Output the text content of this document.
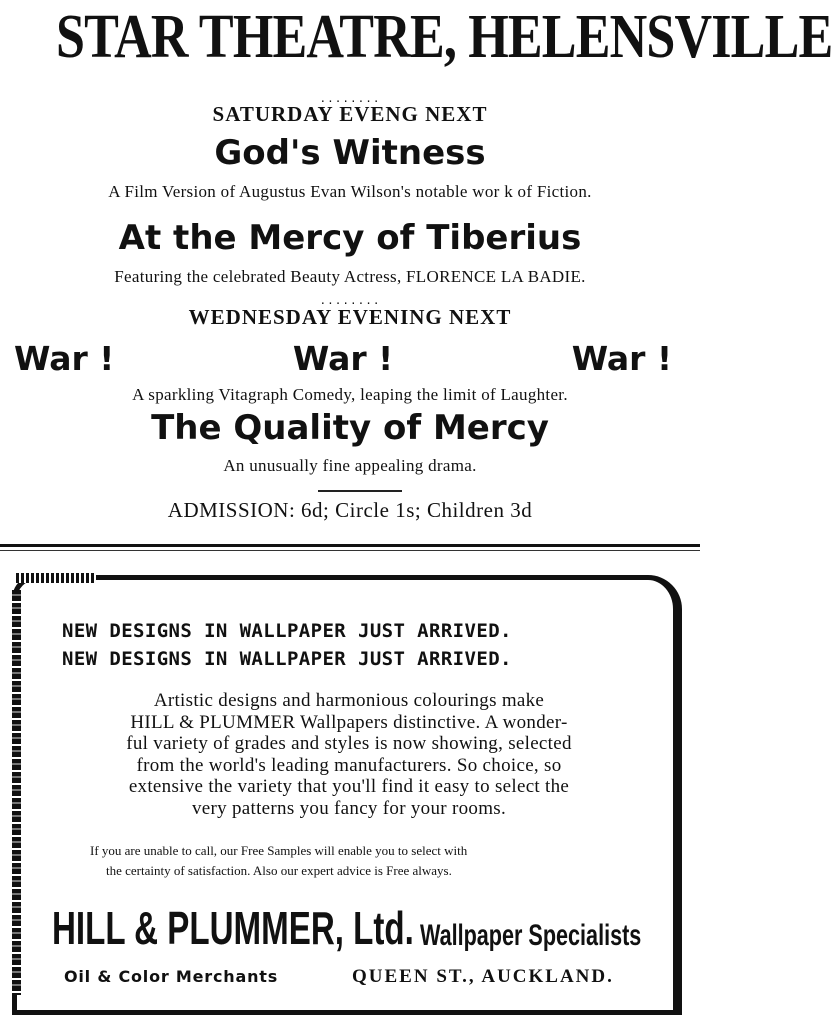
STAR THEATRE, HELENSVILLE
........
SATURDAY EVENG NEXT
God's Witness
A Film Version of Augustus Evan Wilson's notable wor k of Fiction.
At the Mercy of Tiberius
Featuring the celebrated Beauty Actress, FLORENCE LA BADIE.
........
WEDNESDAY EVENING NEXT
War !	War !	War !
A sparkling Vitagraph Comedy, leaping the limit of Laughter.
The Quality of Mercy
An unusually fine appealing drama.
ADMISSION: 6d; Circle 1s; Children 3d
NEW DESIGNS IN WALLPAPER JUST ARRIVED.
NEW DESIGNS IN WALLPAPER JUST ARRIVED.
Artistic designs and harmonious colourings make
HILL & PLUMMER Wallpapers distinctive. A wonder-
ful variety of grades and styles is now showing, selected
from the world's leading manufacturers. So choice, so
extensive the variety that you'll find it easy to select the
very patterns you fancy for your rooms.
If you are unable to call, our Free Samples will enable you to select with
the certainty of satisfaction. Also our expert advice is Free always.
HILL & PLUMMER, Ltd. Wallpaper Specialists
Oil & Color Merchants	QUEEN ST., AUCKLAND.
